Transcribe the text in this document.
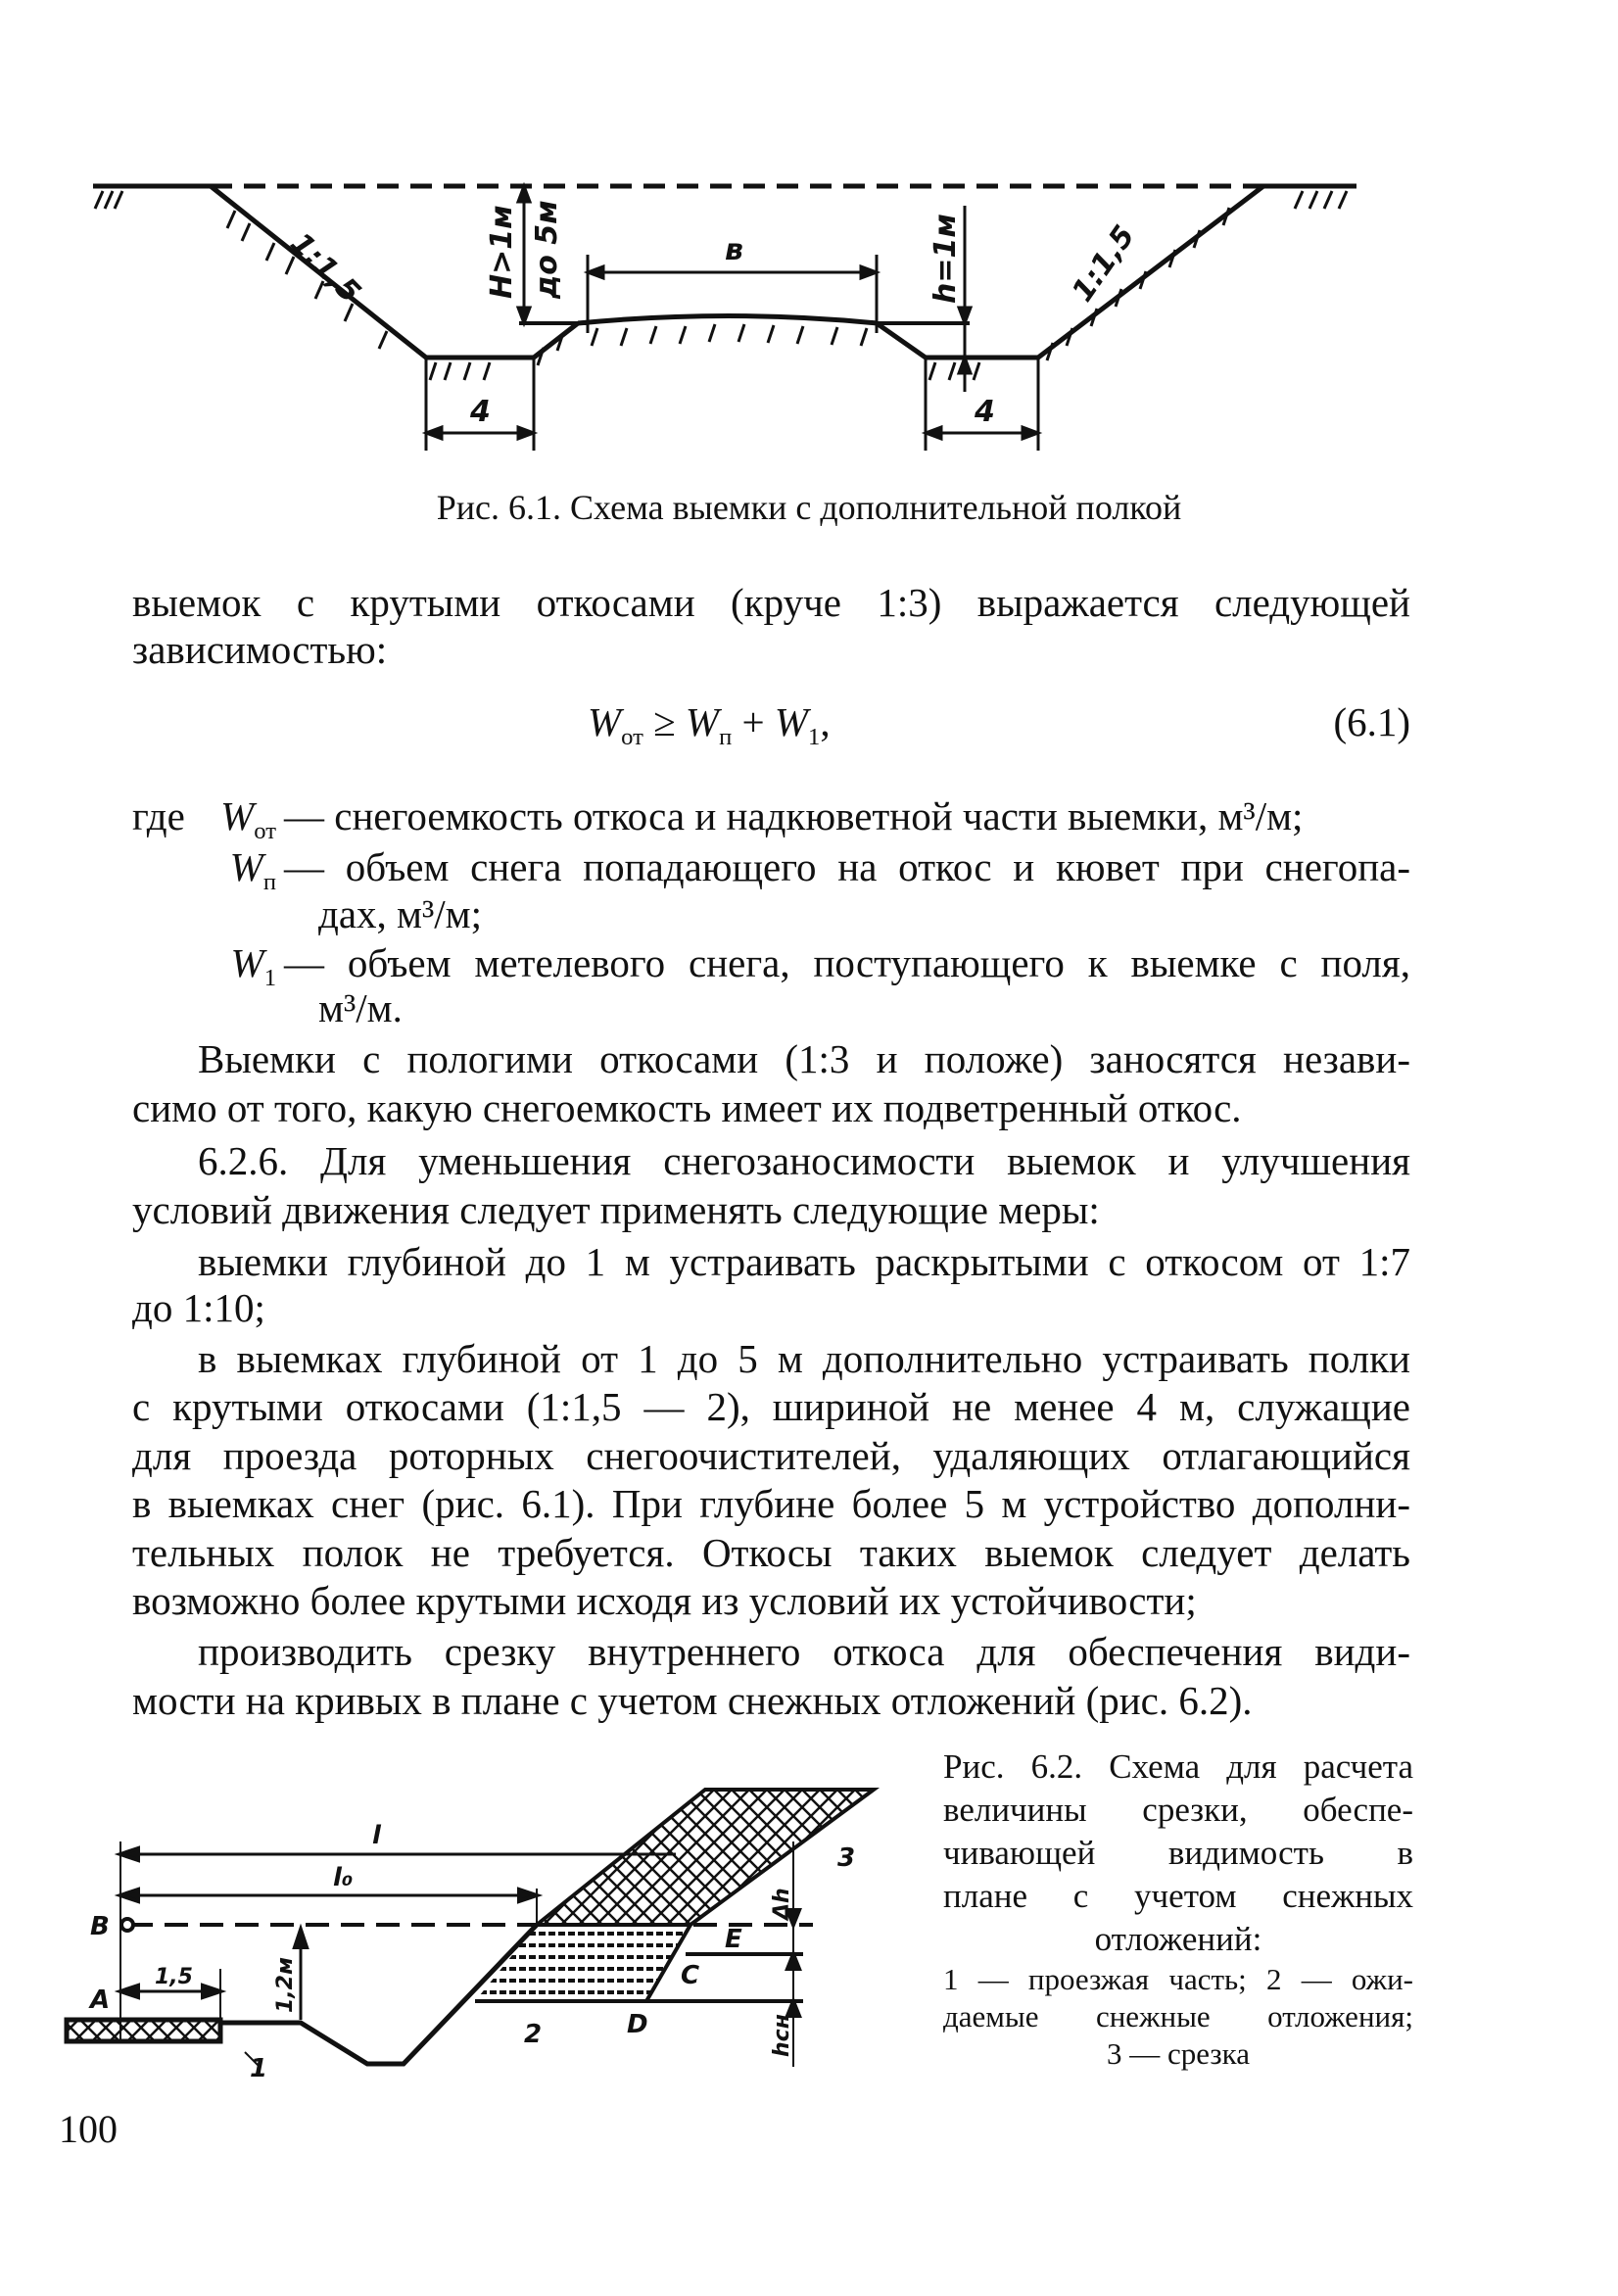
1:1,5	1:1,5
H>1м до 5м	в	h=1м
4	4
Рис. 6.1. Схема выемки с дополнительной полкой
выемок с крутыми откосами (круче 1:3) выражается следующей
зависимостью:
$W_{от} \ge W_п + W_1$,	(6.1)
где $W_{от}$ — снегоемкость откоса и надкюветной части выемки, м³/м;
$W_п$ — объем снега попадающего на откос и кювет при снегопа-
дах, м³/м;
$W_1$ — объем метелевого снега, поступающего к выемке с поля,
м³/м.
Выемки с пологими откосами (1:3 и положе) заносятся незави-
симо от того, какую снегоемкость имеет их подветренный откос.
6.2.6. Для уменьшения снегозаносимости выемок и улучшения
условий движения следует применять следующие меры:
выемки глубиной до 1 м устраивать раскрытыми с откосом от 1:7
до 1:10;
в выемках глубиной от 1 до 5 м дополнительно устраивать полки
с крутыми откосами (1:1,5 — 2), шириной не менее 4 м, служащие
для проезда роторных снегоочистителей, удаляющих отлагающийся
в выемках снег (рис. 6.1). При глубине более 5 м устройство дополни-
тельных полок не требуется. Откосы таких выемок следует делать
возможно более крутыми исходя из условий их устойчивости;
производить срезку внутреннего откоса для обеспечения види-
мости на кривых в плане с учетом снежных отложений (рис. 6.2).
l
l₀
В
А
1,5	1,2м
Δh
hсн
Е
С
D
1
2
3
Рис. 6.2. Схема для расчета
величины срезки, обеспе-
чивающей видимость в
плане с учетом снежных
отложений:
1 — проезжая часть; 2 — ожи-
даемые снежные отложения;
3 — срезка
100
